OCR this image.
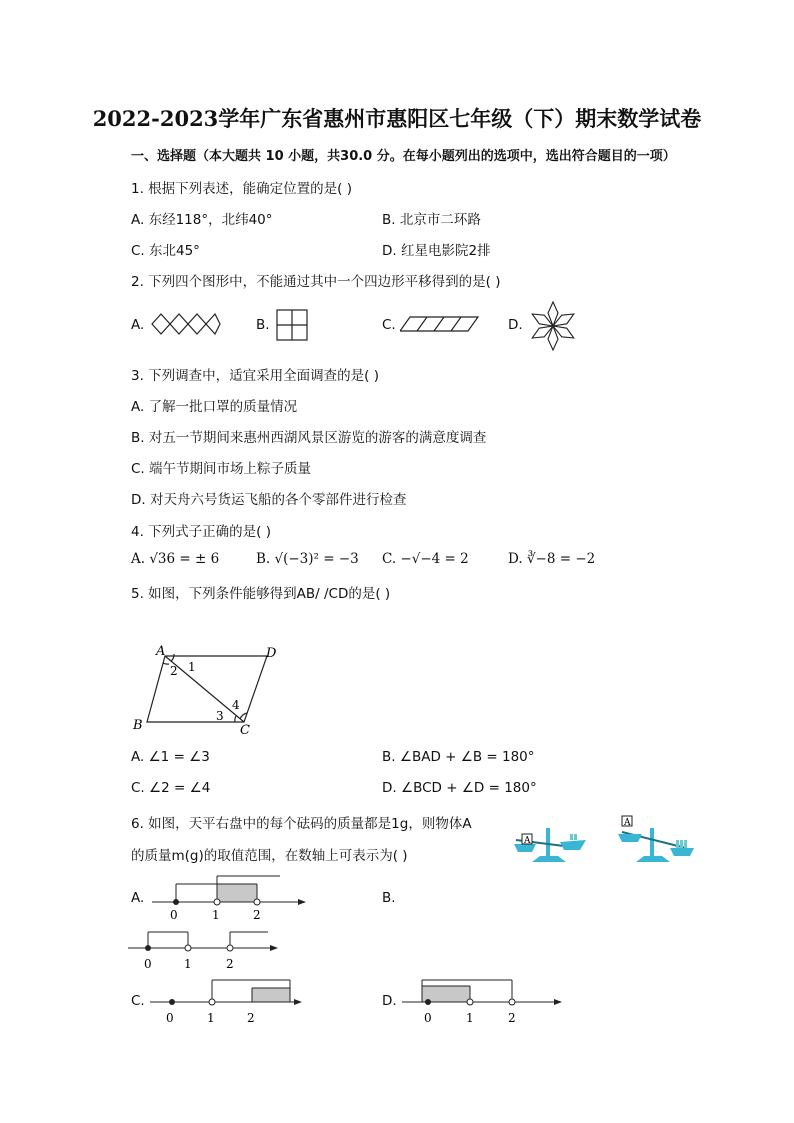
2022-2023学年广东省惠州市惠阳区七年级（下）期末数学试卷
一、选择题（本大题共 10 小题，共30.0 分。在每小题列出的选项中，选出符合题目的一项）
1. 根据下列表述，能确定位置的是( )
A. 东经118°，北纬40°	B. 北京市二环路
C. 东北45°	D. 红星电影院2排
2. 下列四个图形中，不能通过其中一个四边形平移得到的是( )
A.	B.	C.	D.
3. 下列调查中，适宜采用全面调查的是( )
A. 了解一批口罩的质量情况
B. 对五一节期间来惠州西湖风景区游览的游客的满意度调查
C. 端午节期间市场上粽子质量
D. 对天舟六号货运飞船的各个零部件进行检查
4. 下列式子正确的是( )
A. √36 = ± 6	B. √(−3)² = −3 C. −√−4 = 2	D. ∛−8 = −2
5. 如图，下列条件能够得到AB/ /CD的是( )
A	D
B	C
1
2
3
4
A. ∠1 = ∠3	B. ∠BAD + ∠B = 180°
C. ∠2 = ∠4	D. ∠BCD + ∠D = 180°
6. 如图，天平右盘中的每个砝码的质量都是1g，则物体A
的质量m(g)的取值范围，在数轴上可表示为( )
A
A
A.
0	1	2
B.
0	1	2
C.
0	1	2
D.
0	1	2
